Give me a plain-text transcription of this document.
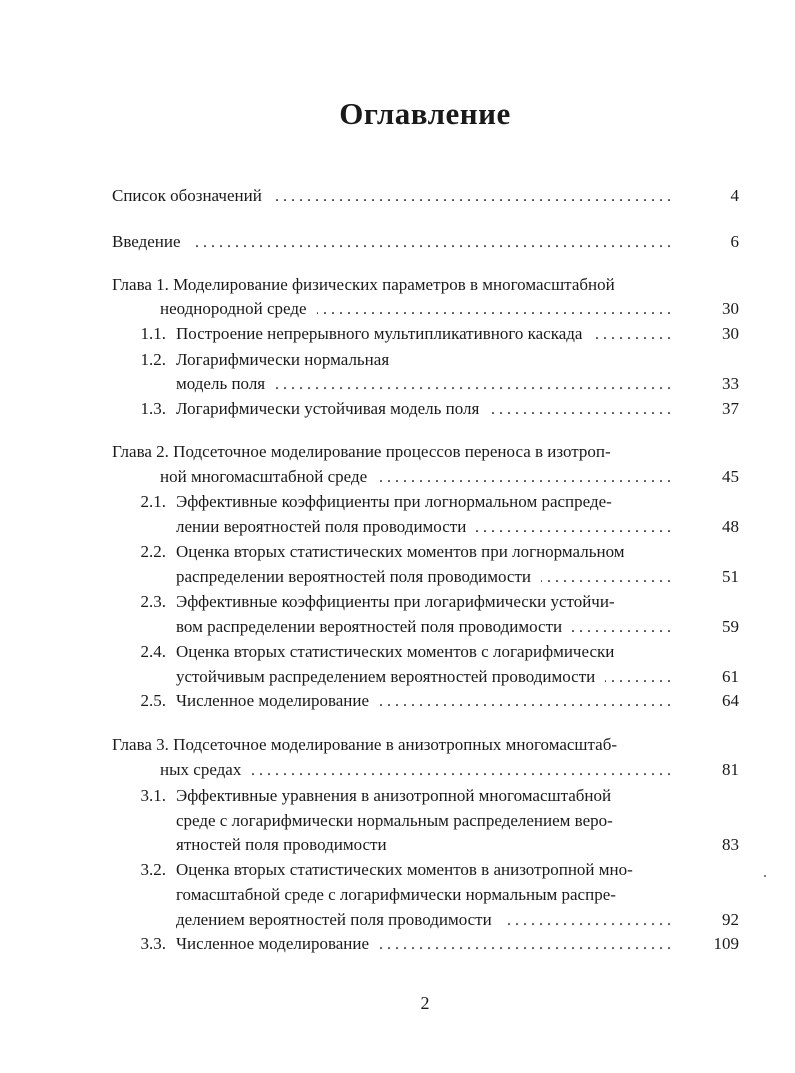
Оглавление
Список обозначений . . .	4
Введение . . .	6
Глава 1. Моделирование физических параметров в многомасштабной
неоднородной среде . . .	30
1.1. Построение непрерывного мультипликативного каскада . . .	30
1.2. Логарифмически нормальная
модель поля . . .	33
1.3. Логарифмически устойчивая модель поля . . .	37
Глава 2. Подсеточное моделирование процессов переноса в изотроп-
ной многомасштабной среде . . .	45
2.1. Эффективные коэффициенты при логнормальном распреде-
лении вероятностей поля проводимости . . .	48
2.2. Оценка вторых статистических моментов при логнормальном
распределении вероятностей поля проводимости . . .	51
2.3. Эффективные коэффициенты при логарифмически устойчи-
вом распределении вероятностей поля проводимости . . .	59
2.4. Оценка вторых статистических моментов с логарифмически
устойчивым распределением вероятностей проводимости . . .	61
2.5. Численное моделирование . . .	64
Глава 3. Подсеточное моделирование в анизотропных многомасштаб-
ных средах . . .	81
3.1. Эффективные уравнения в анизотропной многомасштабной
среде с логарифмически нормальным распределением веро-
ятностей поля проводимости	83
3.2. Оценка вторых статистических моментов в анизотропной мно-
гомасштабной среде с логарифмически нормальным распре-
делением вероятностей поля проводимости . . .	92
3.3. Численное моделирование . . .	109
2
